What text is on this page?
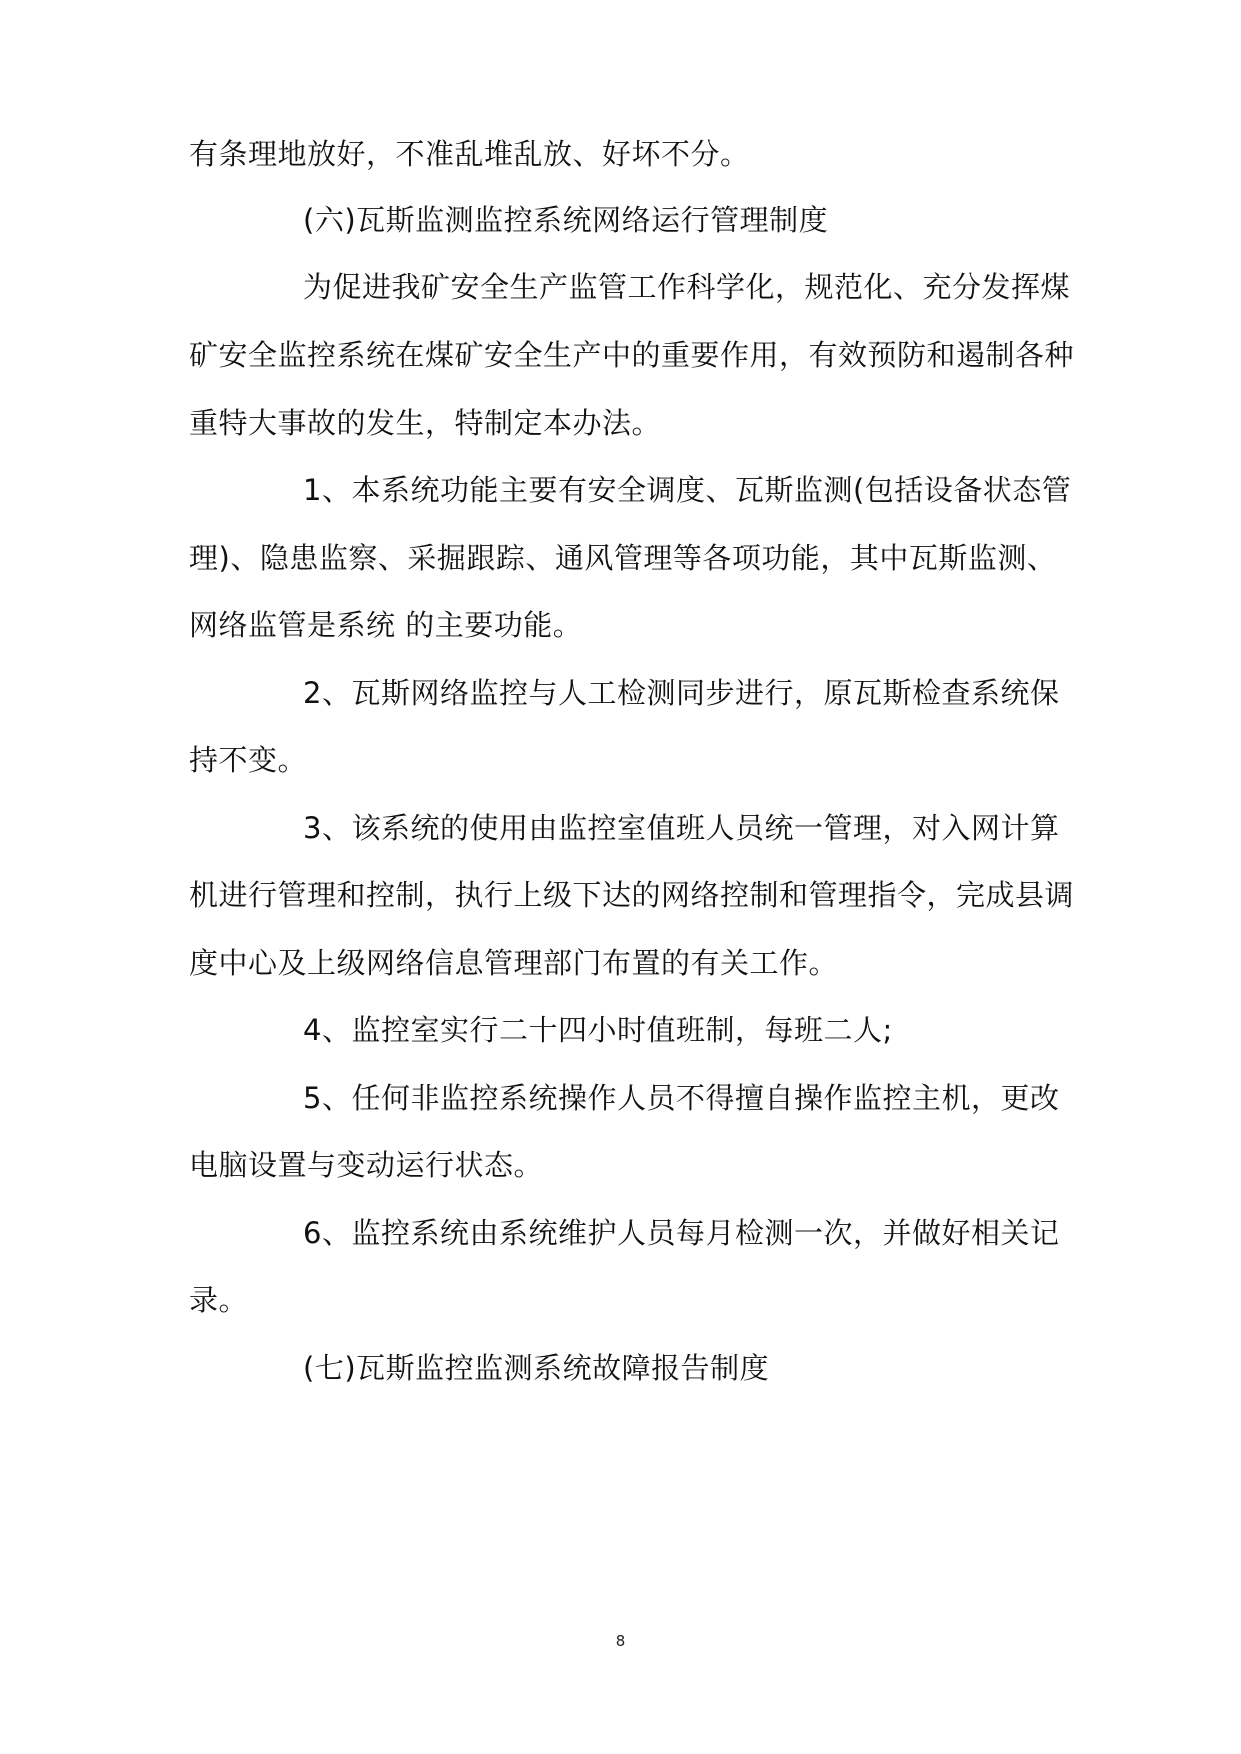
有条理地放好，不准乱堆乱放、好坏不分。
(六)瓦斯监测监控系统网络运行管理制度
为促进我矿安全生产监管工作科学化，规范化、充分发挥煤
矿安全监控系统在煤矿安全生产中的重要作用，有效预防和遏制各种
重特大事故的发生，特制定本办法。
1、本系统功能主要有安全调度、瓦斯监测(包括设备状态管
理)、隐患监察、采掘跟踪、通风管理等各项功能，其中瓦斯监测、
网络监管是系统 的主要功能。
2、瓦斯网络监控与人工检测同步进行，原瓦斯检查系统保
持不变。
3、该系统的使用由监控室值班人员统一管理，对入网计算
机进行管理和控制，执行上级下达的网络控制和管理指令，完成县调
度中心及上级网络信息管理部门布置的有关工作。
4、监控室实行二十四小时值班制，每班二人;
5、任何非监控系统操作人员不得擅自操作监控主机，更改
电脑设置与变动运行状态。
6、监控系统由系统维护人员每月检测一次，并做好相关记
录。
(七)瓦斯监控监测系统故障报告制度
8
